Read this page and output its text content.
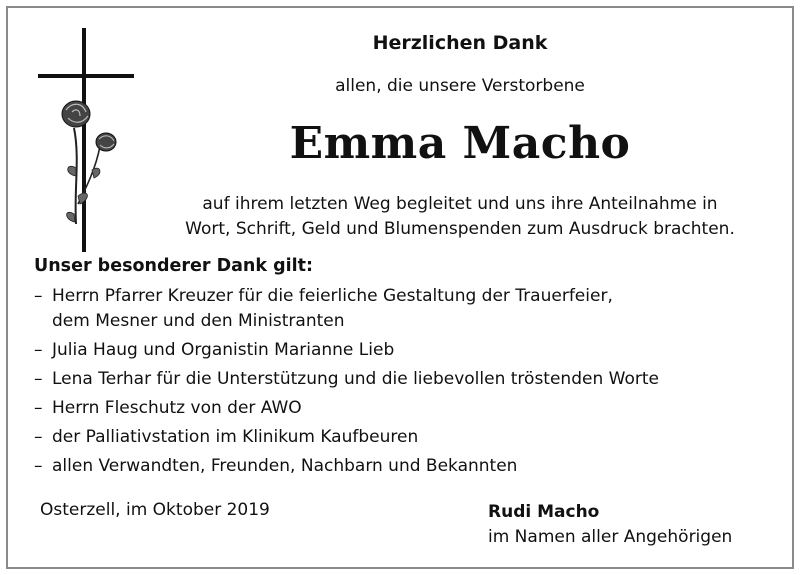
Herzlichen Dank
allen, die unsere Verstorbene
Emma Macho
auf ihrem letzten Weg begleitet und uns ihre Anteilnahme in
Wort, Schrift, Geld und Blumenspenden zum Ausdruck brachten.
Unser besonderer Dank gilt:
– Herrn Pfarrer Kreuzer für die feierliche Gestaltung der Trauerfeier,
dem Mesner und den Ministranten
– Julia Haug und Organistin Marianne Lieb
– Lena Terhar für die Unterstützung und die liebevollen tröstenden Worte
– Herrn Fleschutz von der AWO
– der Palliativstation im Klinikum Kaufbeuren
– allen Verwandten, Freunden, Nachbarn und Bekannten
Osterzell, im Oktober 2019	Rudi Macho
im Namen aller Angehörigen
